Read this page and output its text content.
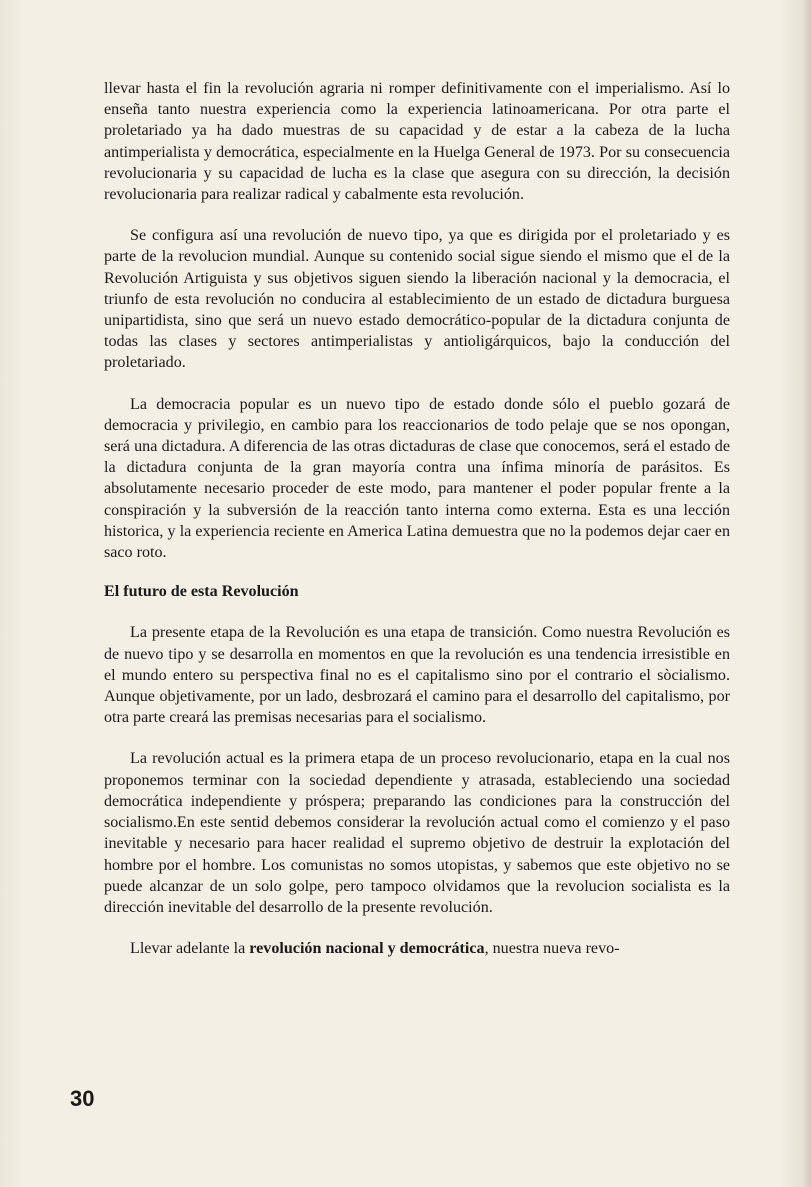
llevar hasta el fin la revolución agraria ni romper definitivamente con el imperialismo. Así lo enseña tanto nuestra experiencia como la experiencia latinoamericana. Por otra parte el proletariado ya ha dado muestras de su capacidad y de estar a la cabeza de la lucha antimperialista y democrática, especialmente en la Huelga General de 1973. Por su consecuencia revolucionaria y su capacidad de lucha es la clase que asegura con su dirección, la decisión revolucionaria para realizar radical y cabalmente esta revolución.

Se configura así una revolución de nuevo tipo, ya que es dirigida por el proletariado y es parte de la revolucion mundial. Aunque su contenido social sigue siendo el mismo que el de la Revolución Artiguista y sus objetivos siguen siendo la liberación nacional y la democracia, el triunfo de esta revolución no conducira al establecimiento de un estado de dictadura burguesa unipartidista, sino que será un nuevo estado democrático-popular de la dictadura conjunta de todas las clases y sectores antimperialistas y antioligárquicos, bajo la conducción del proletariado.

La democracia popular es un nuevo tipo de estado donde sólo el pueblo gozará de democracia y privilegio, en cambio para los reaccionarios de todo pelaje que se nos opongan, será una dictadura. A diferencia de las otras dictaduras de clase que conocemos, será el estado de la dictadura conjunta de la gran mayoría contra una ínfima minoría de parásitos. Es absolutamente necesario proceder de este modo, para mantener el poder popular frente a la conspiración y la subversión de la reacción tanto interna como externa. Esta es una lección historica, y la experiencia reciente en America Latina demuestra que no la podemos dejar caer en saco roto.

El futuro de esta Revolución

La presente etapa de la Revolución es una etapa de transición. Como nuestra Revolución es de nuevo tipo y se desarrolla en momentos en que la revolución es una tendencia irresistible en el mundo entero su perspectiva final no es el capitalismo sino por el contrario el sòcialismo. Aunque objetivamente, por un lado, desbrozará el camino para el desarrollo del capitalismo, por otra parte creará las premisas necesarias para el socialismo.

La revolución actual es la primera etapa de un proceso revolucionario, etapa en la cual nos proponemos terminar con la sociedad dependiente y atrasada, estableciendo una sociedad democrática independiente y próspera; preparando las condiciones para la construcción del socialismo.En este sentid debemos considerar la revolución actual como el comienzo y el paso inevitable y necesario para hacer realidad el supremo objetivo de destruir la explotación del hombre por el hombre. Los comunistas no somos utopistas, y sabemos que este objetivo no se puede alcanzar de un solo golpe, pero tampoco olvidamos que la revolucion socialista es la dirección inevitable del desarrollo de la presente revolución.

Llevar adelante la revolución nacional y democrática, nuestra nueva revo-

30
